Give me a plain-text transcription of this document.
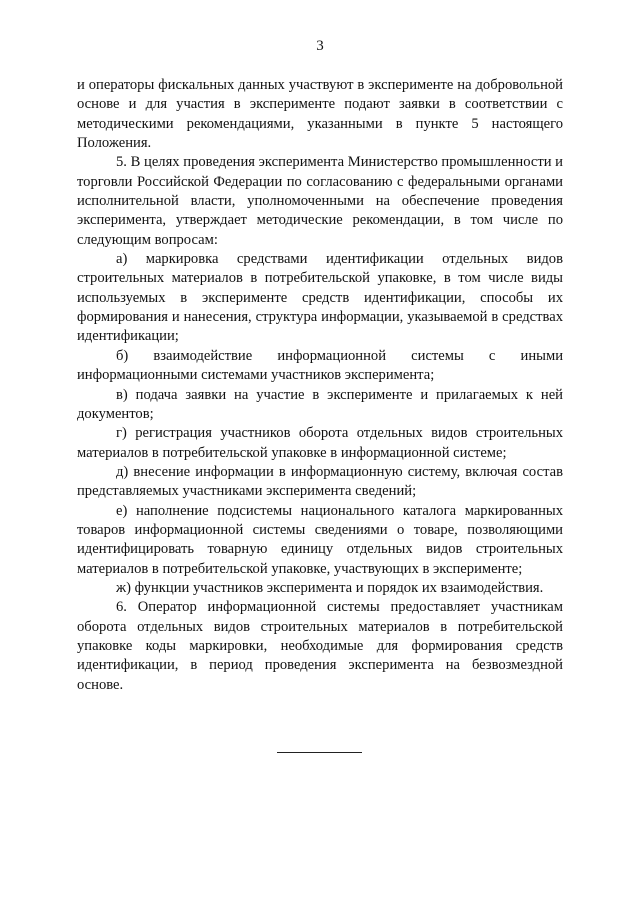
3

и операторы фискальных данных участвуют в эксперименте на добровольной основе и для участия в эксперименте подают заявки в соответствии с методическими рекомендациями, указанными в пункте 5 настоящего Положения.

5. В целях проведения эксперимента Министерство промышленности и торговли Российской Федерации по согласованию с федеральными органами исполнительной власти, уполномоченными на обеспечение проведения эксперимента, утверждает методические рекомендации, в том числе по следующим вопросам:

а) маркировка средствами идентификации отдельных видов строительных материалов в потребительской упаковке, в том числе виды используемых в эксперименте средств идентификации, способы их формирования и нанесения, структура информации, указываемой в средствах идентификации;

б) взаимодействие информационной системы с иными информационными системами участников эксперимента;

в) подача заявки на участие в эксперименте и прилагаемых к ней документов;

г) регистрация участников оборота отдельных видов строительных материалов в потребительской упаковке в информационной системе;

д) внесение информации в информационную систему, включая состав представляемых участниками эксперимента сведений;

е) наполнение подсистемы национального каталога маркированных товаров информационной системы сведениями о товаре, позволяющими идентифицировать товарную единицу отдельных видов строительных материалов в потребительской упаковке, участвующих в эксперименте;

ж) функции участников эксперимента и порядок их взаимодействия.

6. Оператор информационной системы предоставляет участникам оборота отдельных видов строительных материалов в потребительской упаковке коды маркировки, необходимые для формирования средств идентификации, в период проведения эксперимента на безвозмездной основе.
